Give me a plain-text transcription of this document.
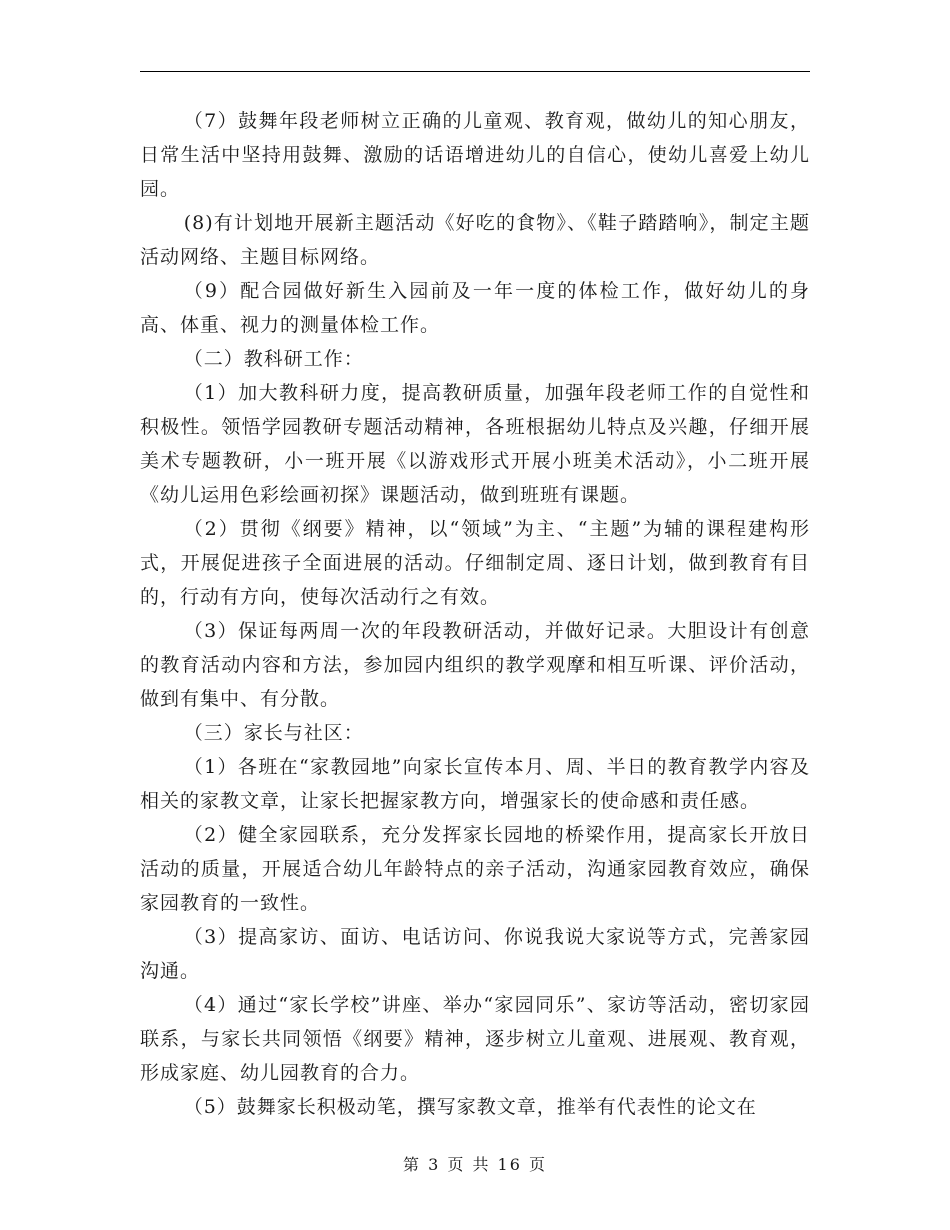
（7）鼓舞年段老师树立正确的儿童观、教育观，做幼儿的知心朋友，日常生活中坚持用鼓舞、激励的话语增进幼儿的自信心，使幼儿喜爱上幼儿园。

(8)有计划地开展新主题活动《好吃的食物》、《鞋子踏踏响》，制定主题活动网络、主题目标网络。

（9）配合园做好新生入园前及一年一度的体检工作，做好幼儿的身高、体重、视力的测量体检工作。

（二）教科研工作：

（1）加大教科研力度，提高教研质量，加强年段老师工作的自觉性和积极性。领悟学园教研专题活动精神，各班根据幼儿特点及兴趣，仔细开展美术专题教研，小一班开展《以游戏形式开展小班美术活动》，小二班开展《幼儿运用色彩绘画初探》课题活动，做到班班有课题。

（2）贯彻《纲要》精神，以“领域”为主、“主题”为辅的课程建构形式，开展促进孩子全面进展的活动。仔细制定周、逐日计划，做到教育有目的，行动有方向，使每次活动行之有效。

（3）保证每两周一次的年段教研活动，并做好记录。大胆设计有创意的教育活动内容和方法，参加园内组织的教学观摩和相互听课、评价活动，做到有集中、有分散。

（三）家长与社区：

（1）各班在“家教园地”向家长宣传本月、周、半日的教育教学内容及相关的家教文章，让家长把握家教方向，增强家长的使命感和责任感。

（2）健全家园联系，充分发挥家长园地的桥梁作用，提高家长开放日活动的质量，开展适合幼儿年龄特点的亲子活动，沟通家园教育效应，确保家园教育的一致性。

（3）提高家访、面访、电话访问、你说我说大家说等方式，完善家园沟通。

（4）通过“家长学校”讲座、举办“家园同乐”、家访等活动，密切家园联系，与家长共同领悟《纲要》精神，逐步树立儿童观、进展观、教育观，形成家庭、幼儿园教育的合力。

（5）鼓舞家长积极动笔，撰写家教文章，推举有代表性的论文在

第 3 页 共 16 页
